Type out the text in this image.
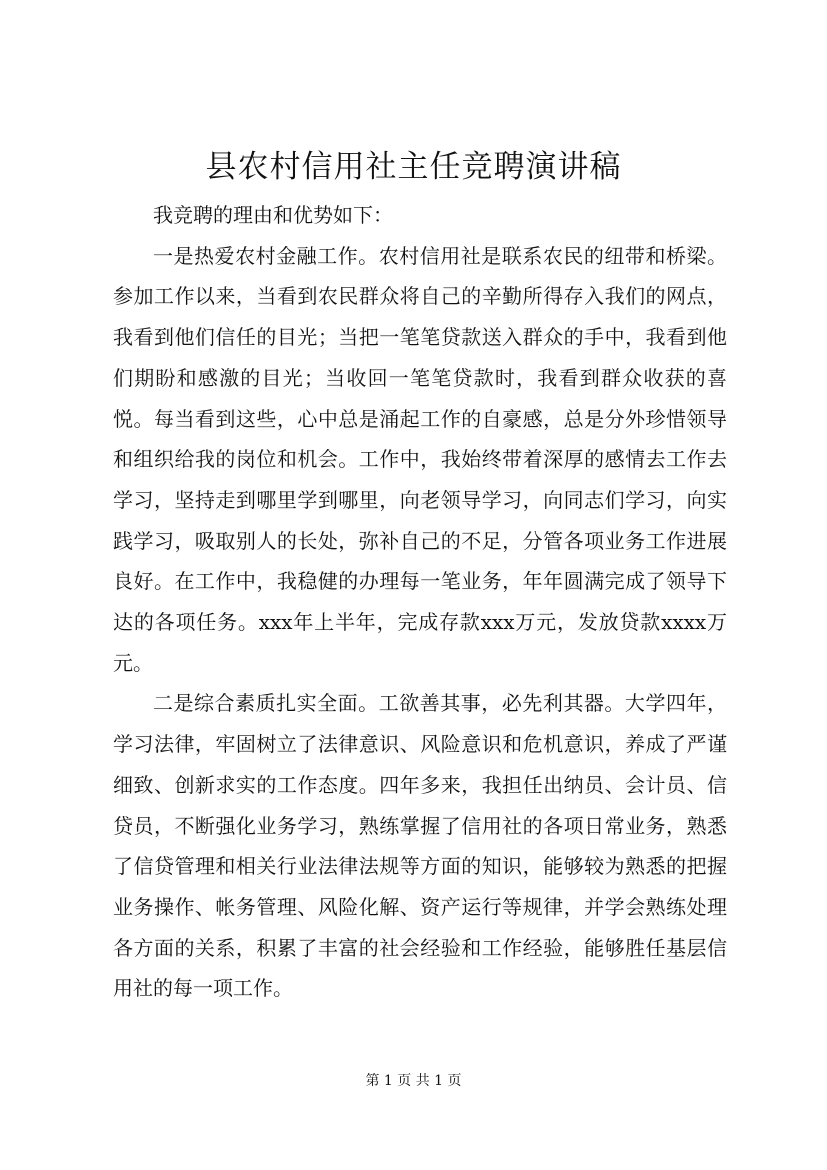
县农村信用社主任竞聘演讲稿

我竞聘的理由和优势如下：

一是热爱农村金融工作。农村信用社是联系农民的纽带和桥梁。参加工作以来，当看到农民群众将自己的辛勤所得存入我们的网点，我看到他们信任的目光；当把一笔笔贷款送入群众的手中，我看到他们期盼和感激的目光；当收回一笔笔贷款时，我看到群众收获的喜悦。每当看到这些，心中总是涌起工作的自豪感，总是分外珍惜领导和组织给我的岗位和机会。工作中，我始终带着深厚的感情去工作去学习，坚持走到哪里学到哪里，向老领导学习，向同志们学习，向实践学习，吸取别人的长处，弥补自己的不足，分管各项业务工作进展良好。在工作中，我稳健的办理每一笔业务，年年圆满完成了领导下达的各项任务。xxx年上半年，完成存款xxx万元，发放贷款xxxx万元。

二是综合素质扎实全面。工欲善其事，必先利其器。大学四年，学习法律，牢固树立了法律意识、风险意识和危机意识，养成了严谨细致、创新求实的工作态度。四年多来，我担任出纳员、会计员、信贷员，不断强化业务学习，熟练掌握了信用社的各项日常业务，熟悉了信贷管理和相关行业法律法规等方面的知识，能够较为熟悉的把握业务操作、帐务管理、风险化解、资产运行等规律，并学会熟练处理各方面的关系，积累了丰富的社会经验和工作经验，能够胜任基层信用社的每一项工作。

第 1 页 共 1 页
